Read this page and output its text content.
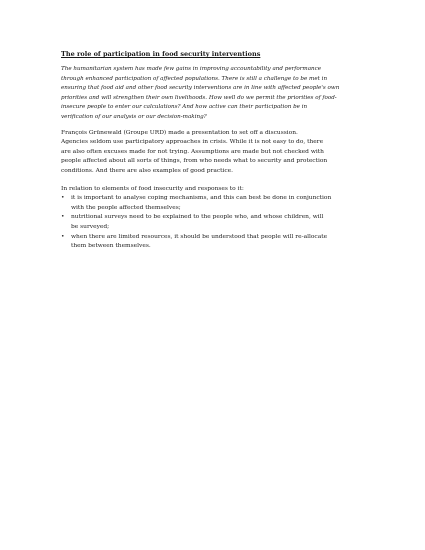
The role of participation in food security interventions
The humanitarian system has made few gains in improving accountability and performance
through enhanced participation of affected populations. There is still a challenge to be met in
ensuring that food aid and other food security interventions are in line with affected people's own
priorities and will strengthen their own livelihoods. How well do we permit the priorities of food-
insecure people to enter our calculations? And how active can their participation be in
verification of our analysis or our decision-making?
François Grünewald (Groupe URD) made a presentation to set off a discussion.
Agencies seldom use participatory approaches in crisis. While it is not easy to do, there
are also often excuses made for not trying. Assumptions are made but not checked with
people affected about all sorts of things, from who needs what to security and protection
conditions. And there are also examples of good practice.
In relation to elements of food insecurity and responses to it:
• it is important to analyse coping mechanisms, and this can best be done in conjunction
with the people affected themselves;
• nutritional surveys need to be explained to the people who, and whose children, will
be surveyed;
• when there are limited resources, it should be understood that people will re-allocate
them between themselves.
